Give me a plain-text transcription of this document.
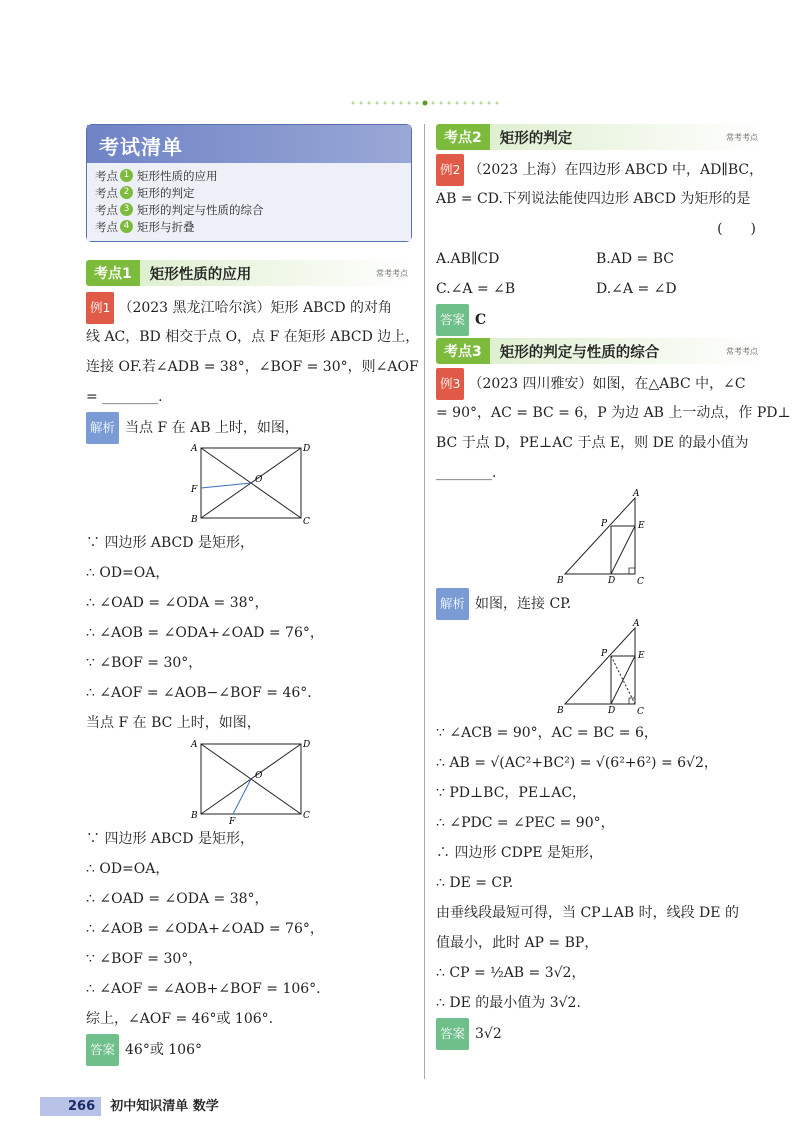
考试清单
考点 1 矩形性质的应用
考点 2 矩形的判定
考点 3 矩形的判定与性质的综合
考点 4 矩形与折叠
考点1	矩形性质的应用	常考考点
例1 （2023 黑龙江哈尔滨）矩形 ABCD 的对角
线 AC，BD 相交于点 O，点 F 在矩形 ABCD 边上，
连接 OF.若∠ADB = 38°，∠BOF = 30°，则∠AOF
= ________.
解析 当点 F 在 AB 上时，如图，
A	D
B	C
F
O
∵ 四边形 ABCD 是矩形，
∴ OD=OA，
∴ ∠OAD = ∠ODA = 38°，
∴ ∠AOB = ∠ODA+∠OAD = 76°，
∵ ∠BOF = 30°，
∴ ∠AOF = ∠AOB−∠BOF = 46°.
当点 F 在 BC 上时，如图，
A	D
B	C
F
O
∵ 四边形 ABCD 是矩形，
∴ OD=OA，
∴ ∠OAD = ∠ODA = 38°，
∴ ∠AOB = ∠ODA+∠OAD = 76°，
∵ ∠BOF = 30°，
∴ ∠AOF = ∠AOB+∠BOF = 106°.
综上，∠AOF = 46°或 106°.
答案 46°或 106°
考点2	矩形的判定	常考考点
例2 （2023 上海）在四边形 ABCD 中，AD∥BC，
AB = CD.下列说法能使四边形 ABCD 为矩形的是
(　　)
A.AB∥CD	B.AD = BC
C.∠A = ∠B	D.∠A = ∠D
答案 C
考点3	矩形的判定与性质的综合	常考考点
例3 （2023 四川雅安）如图，在△ABC 中，∠C
= 90°，AC = BC = 6，P 为边 AB 上一动点，作 PD⊥
BC 于点 D，PE⊥AC 于点 E，则 DE 的最小值为
________.
A
P	E
B	D C
解析 如图，连接 CP.
A
P	E
B	D C
∵ ∠ACB = 90°，AC = BC = 6，
∴ AB = √(AC²+BC²) = √(6²+6²) = 6√2，
∵ PD⊥BC，PE⊥AC，
∴ ∠PDC = ∠PEC = 90°，
∴ 四边形 CDPE 是矩形，
∴ DE = CP.
由垂线段最短可得，当 CP⊥AB 时，线段 DE 的
值最小，此时 AP = BP，
∴ CP = ½AB = 3√2，
∴ DE 的最小值为 3√2.
答案 3√2
266 初中知识清单 数学
